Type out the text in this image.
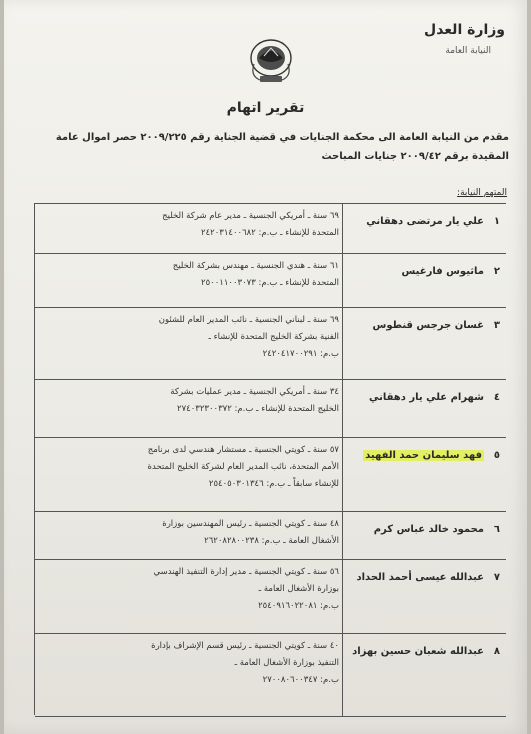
وزارة العدل
النيابة العامة
تقرير اتهام
مقدم من النيابة العامة الى محكمة الجنايات في قضية الجناية رقم ٢٠٠٩/٢٢٥ حصر اموال عامة
المقيدة برقم ٢٠٠٩/٤٢ جنايات المباحث
المتهم النيابة:
١
علي يار مرتضى دهقاني
٦٩ سنة ـ أمريكي الجنسية ـ مدير عام شركة الخليج
المتحدة للإنشاء ـ ب.م: ٢٤٢٠٣١٤٠٠٦٨٢
٢
ماثيوس فارغيس
٦١ سنة ـ هندي الجنسية ـ مهندس بشركة الخليج
المتحدة للإنشاء ـ ب.م: ٢٥٠٠١١٠٠٣٠٧٣
٣
غسان جرجس قنطوس
٦٩ سنة ـ لبناني الجنسية ـ نائب المدير العام للشئون
الفنية بشركة الخليج المتحدة للإنشاء ـ
ب.م: ٢٤٢٠٤١٧٠٠٢٩١
٤
شهرام علي يار دهقاني
٣٤ سنة ـ أمريكي الجنسية ـ مدير عمليات بشركة
الخليج المتحدة للإنشاء ـ ب.م: ٢٧٤٠٣٢٣٠٠٣٧٢
٥
فهد سليمان حمد الفهيد
٥٧ سنة ـ كويتي الجنسية ـ مستشار هندسي لدى برنامج
الأمم المتحدة، نائب المدير العام لشركة الخليج المتحدة
للإنشاء سابقاً ـ ب.م: ٢٥٤٠٥٠٣٠١٣٤٦
٦
محمود خالد عباس كرم
٤٨ سنة ـ كويتي الجنسية ـ رئيس المهندسين بوزارة
الأشغال العامة ـ ب.م: ٢٦٢٠٨٢٨٠٠٢٣٨
٧
عبدالله عيسى أحمد الحداد
٥٦ سنة ـ كويتي الجنسية ـ مدير إدارة التنفيذ الهندسي
بوزارة الأشغال العامة ـ
ب.م: ٢٥٤٠٩١٦٠٢٢٠٨١
٨
عبدالله شعبان حسين بهزاد
٤٠ سنة ـ كويتي الجنسية ـ رئيس قسم الإشراف بإدارة
التنفيذ بوزارة الأشغال العامة ـ
ب.م: ٢٧٠٠٨٠٦٠٠٣٤٧
